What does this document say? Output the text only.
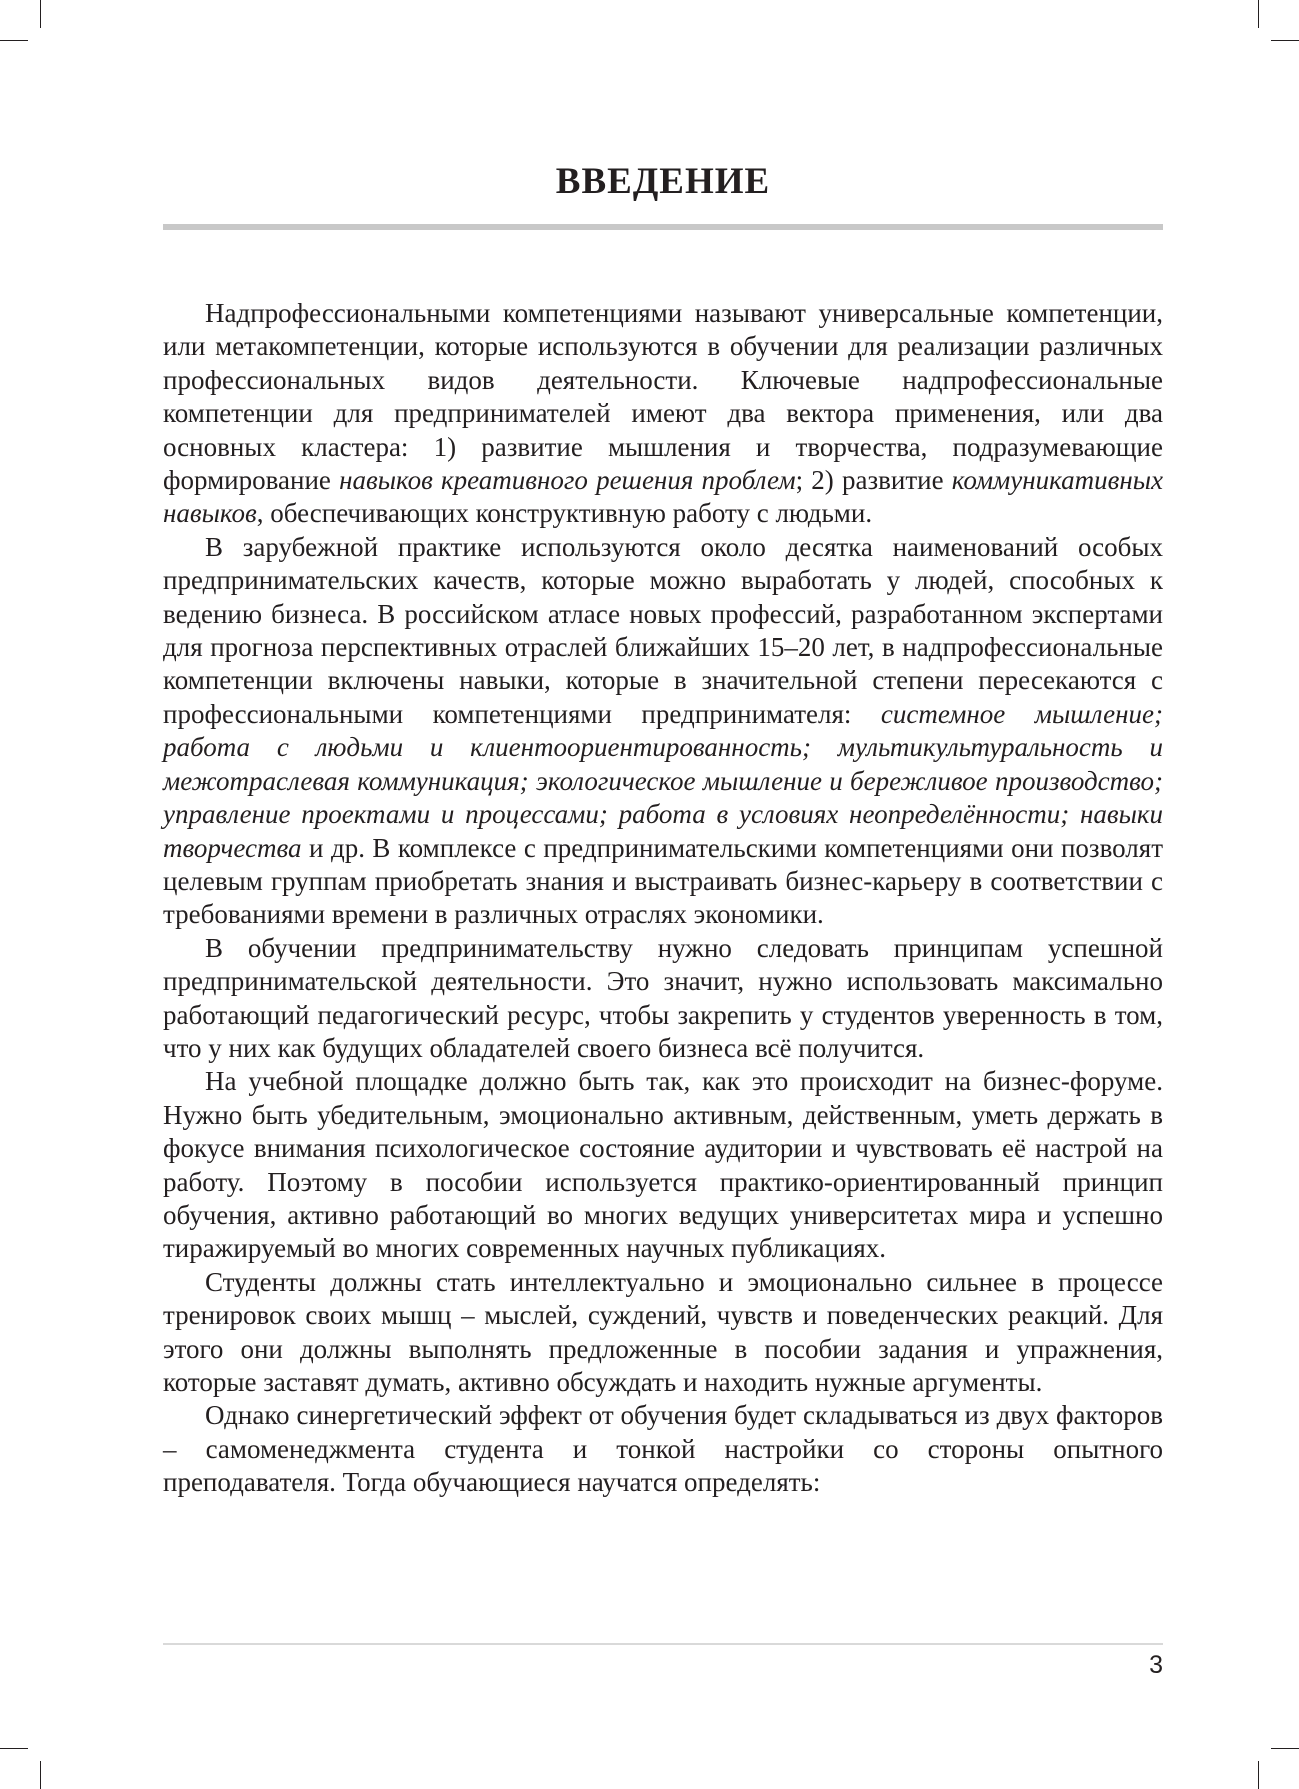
ВВЕДЕНИЕ

Надпрофессиональными компетенциями называют универсальные компетенции, или метакомпетенции, которые используются в обучении для реализации различных профессиональных видов деятельности. Ключевые надпрофессиональные компетенции для предпринимателей имеют два вектора применения, или два основных кластера: 1) развитие мышления и творчества, подразумевающие формирование навыков креативного решения проблем; 2) развитие коммуникативных навыков, обеспечивающих конструктивную работу с людьми.

В зарубежной практике используются около десятка наименований особых предпринимательских качеств, которые можно выработать у людей, способных к ведению бизнеса. В российском атласе новых профессий, разработанном экспертами для прогноза перспективных отраслей ближайших 15–20 лет, в надпрофессиональные компетенции включены навыки, которые в значительной степени пересекаются с профессиональными компетенциями предпринимателя: системное мышление; работа с людьми и клиентоориентированность; мультикультуральность и межотраслевая коммуникация; экологическое мышление и бережливое производство; управление проектами и процессами; работа в условиях неопределённости; навыки творчества и др. В комплексе с предпринимательскими компетенциями они позволят целевым группам приобретать знания и выстраивать бизнес-карьеру в соответствии с требованиями времени в различных отраслях экономики.

В обучении предпринимательству нужно следовать принципам успешной предпринимательской деятельности. Это значит, нужно использовать максимально работающий педагогический ресурс, чтобы закрепить у студентов уверенность в том, что у них как будущих обладателей своего бизнеса всё получится.

На учебной площадке должно быть так, как это происходит на бизнес-форуме. Нужно быть убедительным, эмоционально активным, действенным, уметь держать в фокусе внимания психологическое состояние аудитории и чувствовать её настрой на работу. Поэтому в пособии используется практико-ориентированный принцип обучения, активно работающий во многих ведущих университетах мира и успешно тиражируемый во многих современных научных публикациях.

Студенты должны стать интеллектуально и эмоционально сильнее в процессе тренировок своих мышц – мыслей, суждений, чувств и поведенческих реакций. Для этого они должны выполнять предложенные в пособии задания и упражнения, которые заставят думать, активно обсуждать и находить нужные аргументы.

Однако синергетический эффект от обучения будет складываться из двух факторов – самоменеджмента студента и тонкой настройки со стороны опытного преподавателя. Тогда обучающиеся научатся определять:

3
